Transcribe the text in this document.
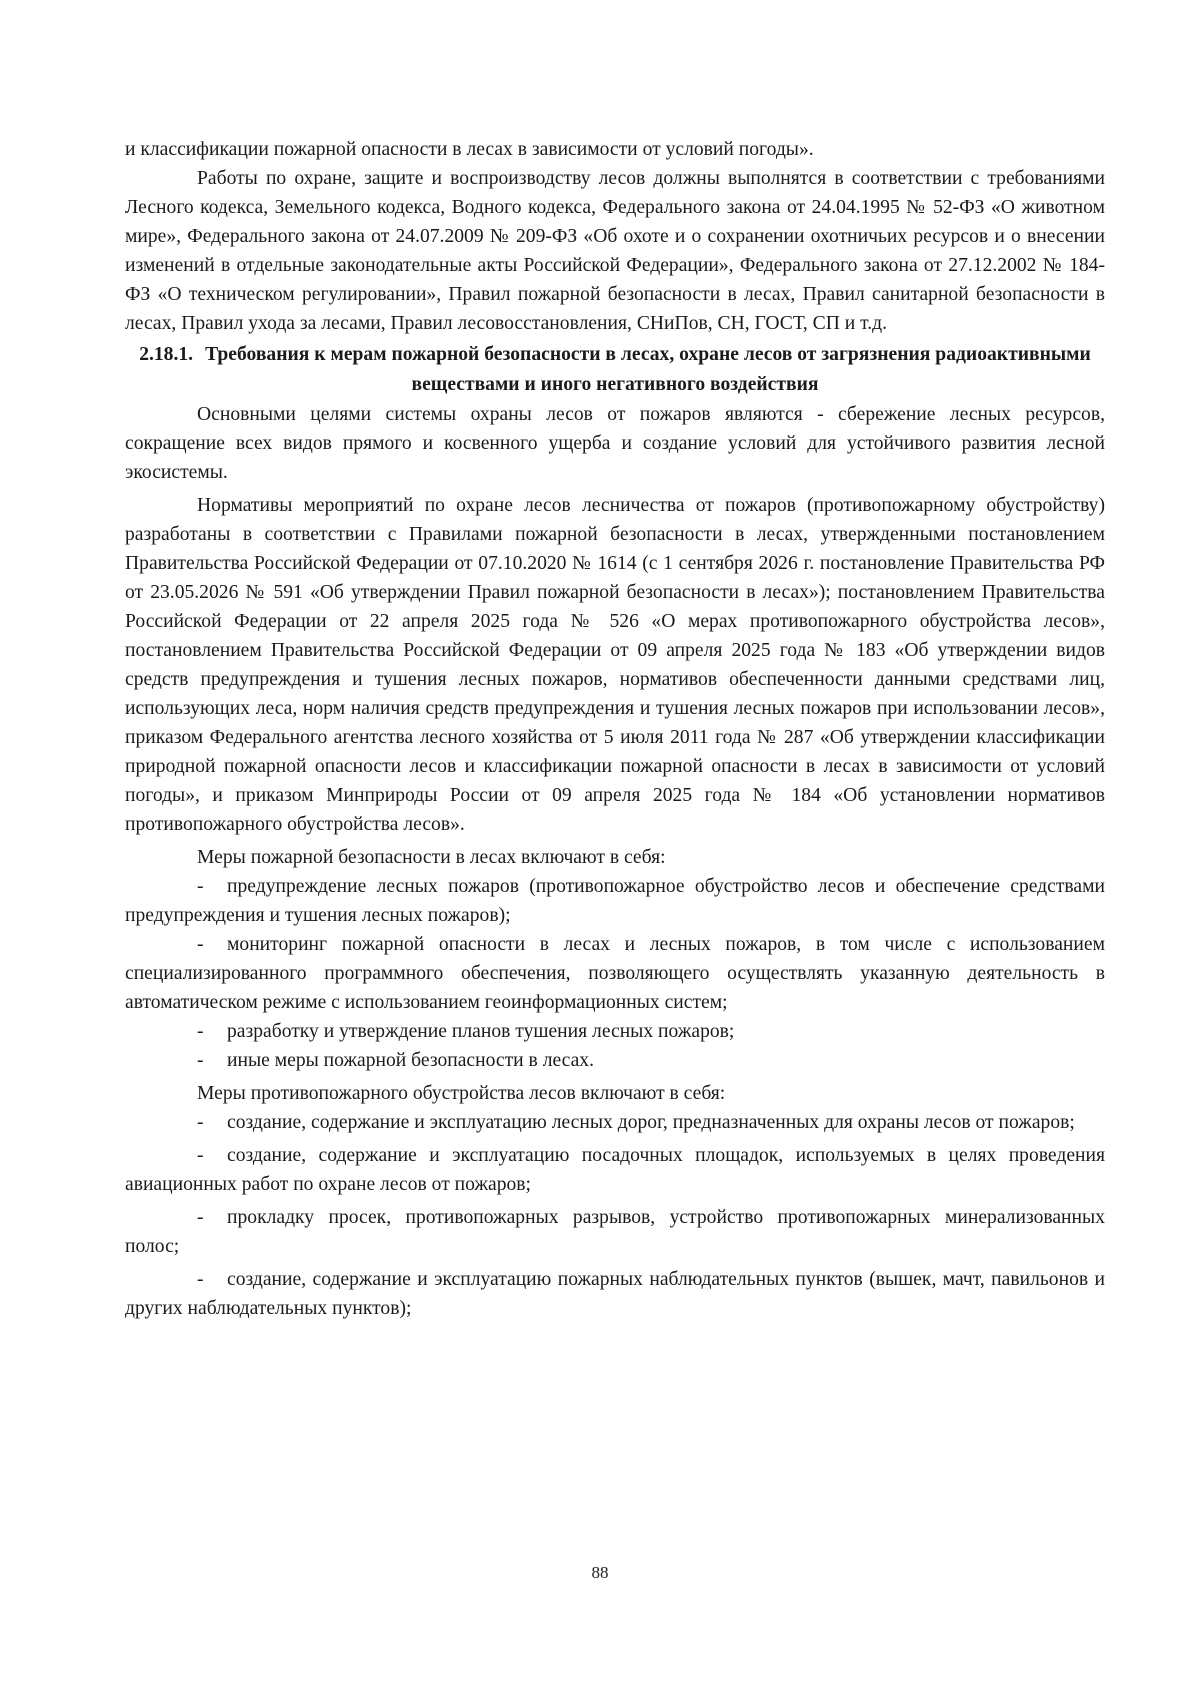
и классификации пожарной опасности в лесах в зависимости от условий погоды».

Работы по охране, защите и воспроизводству лесов должны выполнятся в соответствии с требованиями Лесного кодекса, Земельного кодекса, Водного кодекса, Федерального закона от 24.04.1995 № 52-ФЗ «О животном мире», Федерального закона от 24.07.2009 № 209-ФЗ «Об охоте и о сохранении охотничьих ресурсов и о внесении изменений в отдельные законодательные акты Российской Федерации», Федерального закона от 27.12.2002 № 184-ФЗ «О техническом регулировании», Правил пожарной безопасности в лесах, Правил санитарной безопасности в лесах, Правил ухода за лесами, Правил лесовосстановления, СНиПов, СН, ГОСТ, СП и т.д.

2.18.1. Требования к мерам пожарной безопасности в лесах, охране лесов от загрязнения радиоактивными веществами и иного негативного воздействия

Основными целями системы охраны лесов от пожаров являются - сбережение лесных ресурсов, сокращение всех видов прямого и косвенного ущерба и создание условий для устойчивого развития лесной экосистемы.

Нормативы мероприятий по охране лесов лесничества от пожаров (противопожарному обустройству) разработаны в соответствии с Правилами пожарной безопасности в лесах, утвержденными постановлением Правительства Российской Федерации от 07.10.2020 № 1614 (с 1 сентября 2026 г. постановление Правительства РФ от 23.05.2026 № 591 «Об утверждении Правил пожарной безопасности в лесах»); постановлением Правительства Российской Федерации от 22 апреля 2025 года № 526 «О мерах противопожарного обустройства лесов», постановлением Правительства Российской Федерации от 09 апреля 2025 года № 183 «Об утверждении видов средств предупреждения и тушения лесных пожаров, нормативов обеспеченности данными средствами лиц, использующих леса, норм наличия средств предупреждения и тушения лесных пожаров при использовании лесов», приказом Федерального агентства лесного хозяйства от 5 июля 2011 года № 287 «Об утверждении классификации природной пожарной опасности лесов и классификации пожарной опасности в лесах в зависимости от условий погоды», и приказом Минприроды России от 09 апреля 2025 года № 184 «Об установлении нормативов противопожарного обустройства лесов».

Меры пожарной безопасности в лесах включают в себя:

- предупреждение лесных пожаров (противопожарное обустройство лесов и обеспечение средствами предупреждения и тушения лесных пожаров);

- мониторинг пожарной опасности в лесах и лесных пожаров, в том числе с использованием специализированного программного обеспечения, позволяющего осуществлять указанную деятельность в автоматическом режиме с использованием геоинформационных систем;

- разработку и утверждение планов тушения лесных пожаров;

- иные меры пожарной безопасности в лесах.

Меры противопожарного обустройства лесов включают в себя:

- создание, содержание и эксплуатацию лесных дорог, предназначенных для охраны лесов от пожаров;

- создание, содержание и эксплуатацию посадочных площадок, используемых в целях проведения авиационных работ по охране лесов от пожаров;

- прокладку просек, противопожарных разрывов, устройство противопожарных минерализованных полос;

- создание, содержание и эксплуатацию пожарных наблюдательных пунктов (вышек, мачт, павильонов и других наблюдательных пунктов);

88
